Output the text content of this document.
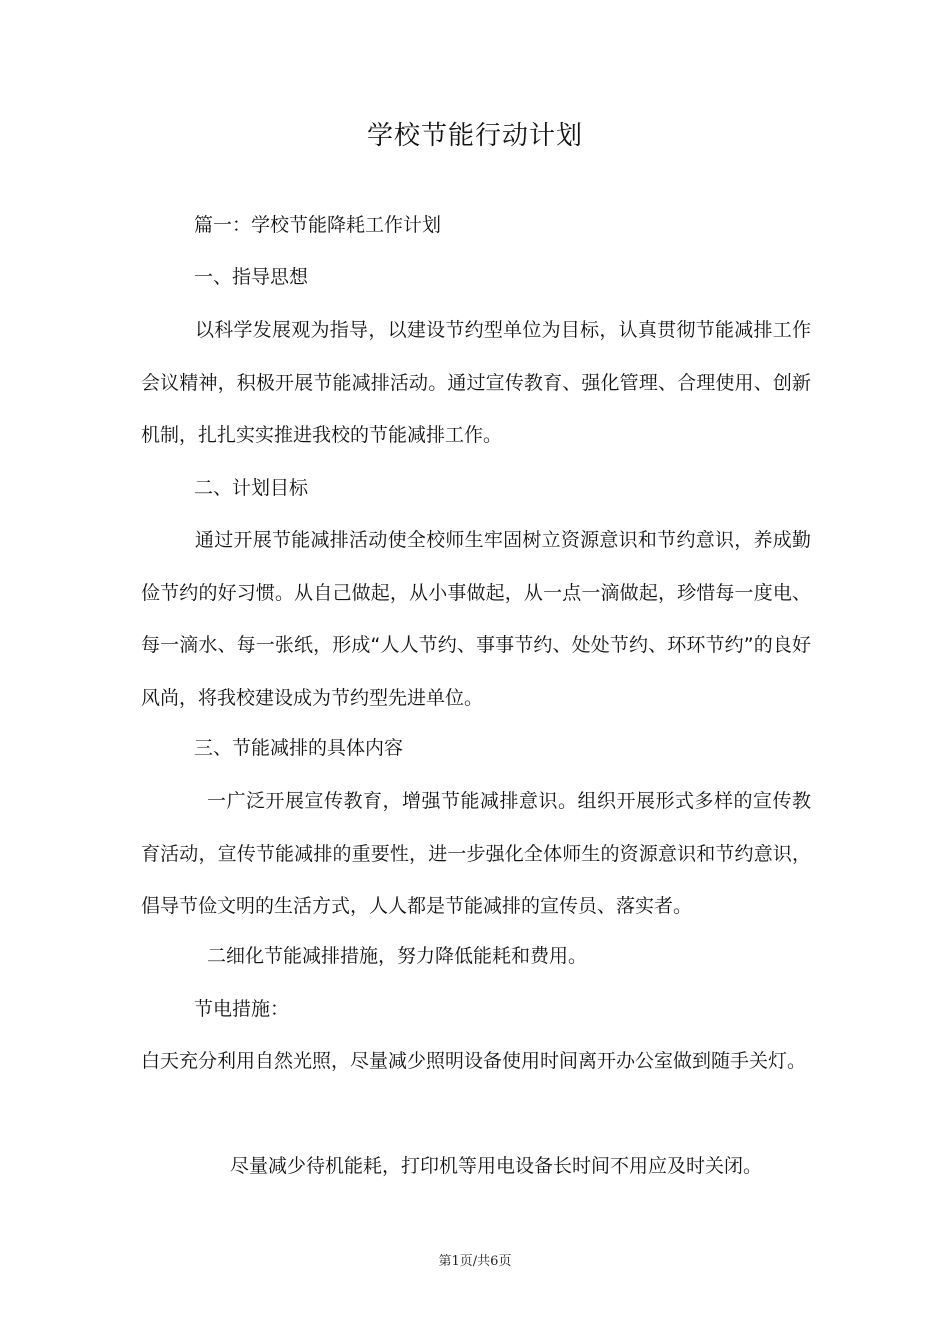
学校节能行动计划
篇一：学校节能降耗工作计划
一、指导思想
以科学发展观为指导，以建设节约型单位为目标，认真贯彻节能减排工作会议精神，积极开展节能减排活动。通过宣传教育、强化管理、合理使用、创新机制，扎扎实实推进我校的节能减排工作。
二、计划目标
通过开展节能减排活动使全校师生牢固树立资源意识和节约意识，养成勤俭节约的好习惯。从自己做起，从小事做起，从一点一滴做起，珍惜每一度电、每一滴水、每一张纸，形成“人人节约、事事节约、处处节约、环环节约”的良好风尚，将我校建设成为节约型先进单位。
三、节能减排的具体内容
一广泛开展宣传教育，增强节能减排意识。组织开展形式多样的宣传教育活动，宣传节能减排的重要性，进一步强化全体师生的资源意识和节约意识，倡导节俭文明的生活方式，人人都是节能减排的宣传员、落实者。
二细化节能减排措施，努力降低能耗和费用。
节电措施：
白天充分利用自然光照，尽量减少照明设备使用时间离开办公室做到随手关灯。
尽量减少待机能耗，打印机等用电设备长时间不用应及时关闭。
第1页/共6页
